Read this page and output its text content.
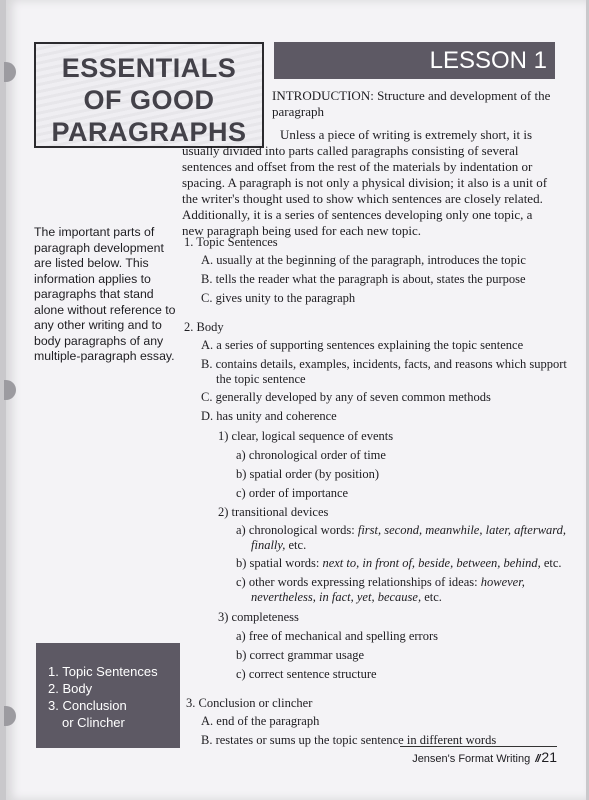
ESSENTIALS
OF GOOD
PARAGRAPHS
LESSON 1
INTRODUCTION: Structure and development of the paragraph
Unless a piece of writing is extremely short, it is usually divided into parts called paragraphs consisting of several sentences and offset from the rest of the materials by indentation or spacing. A paragraph is not only a physical division; it also is a unit of the writer's thought used to show which sentences are closely related. Additionally, it is a series of sentences developing only one topic, a new paragraph being used for each new topic.
The important parts of paragraph development are listed below. This information applies to paragraphs that stand alone without reference to any other writing and to body paragraphs of any multiple-paragraph essay.
1. Topic Sentences
A. usually at the beginning of the paragraph, introduces the topic
B. tells the reader what the paragraph is about, states the purpose
C. gives unity to the paragraph
2. Body
A. a series of supporting sentences explaining the topic sentence
B. contains details, examples, incidents, facts, and reasons which support
the topic sentence
C. generally developed by any of seven common methods
D. has unity and coherence
1) clear, logical sequence of events
a) chronological order of time
b) spatial order (by position)
c) order of importance
2) transitional devices
a) chronological words: first, second, meanwhile, later, afterward,
finally, etc.
b) spatial words: next to, in front of, beside, between, behind, etc.
c) other words expressing relationships of ideas: however,
nevertheless, in fact, yet, because, etc.
3) completeness
a) free of mechanical and spelling errors
b) correct grammar usage
c) correct sentence structure
3. Conclusion or clincher
A. end of the paragraph
B. restates or sums up the topic sentence in different words
1. Topic Sentences
2. Body
3. Conclusion
or Clincher
Jensen's Format Writing // 21
